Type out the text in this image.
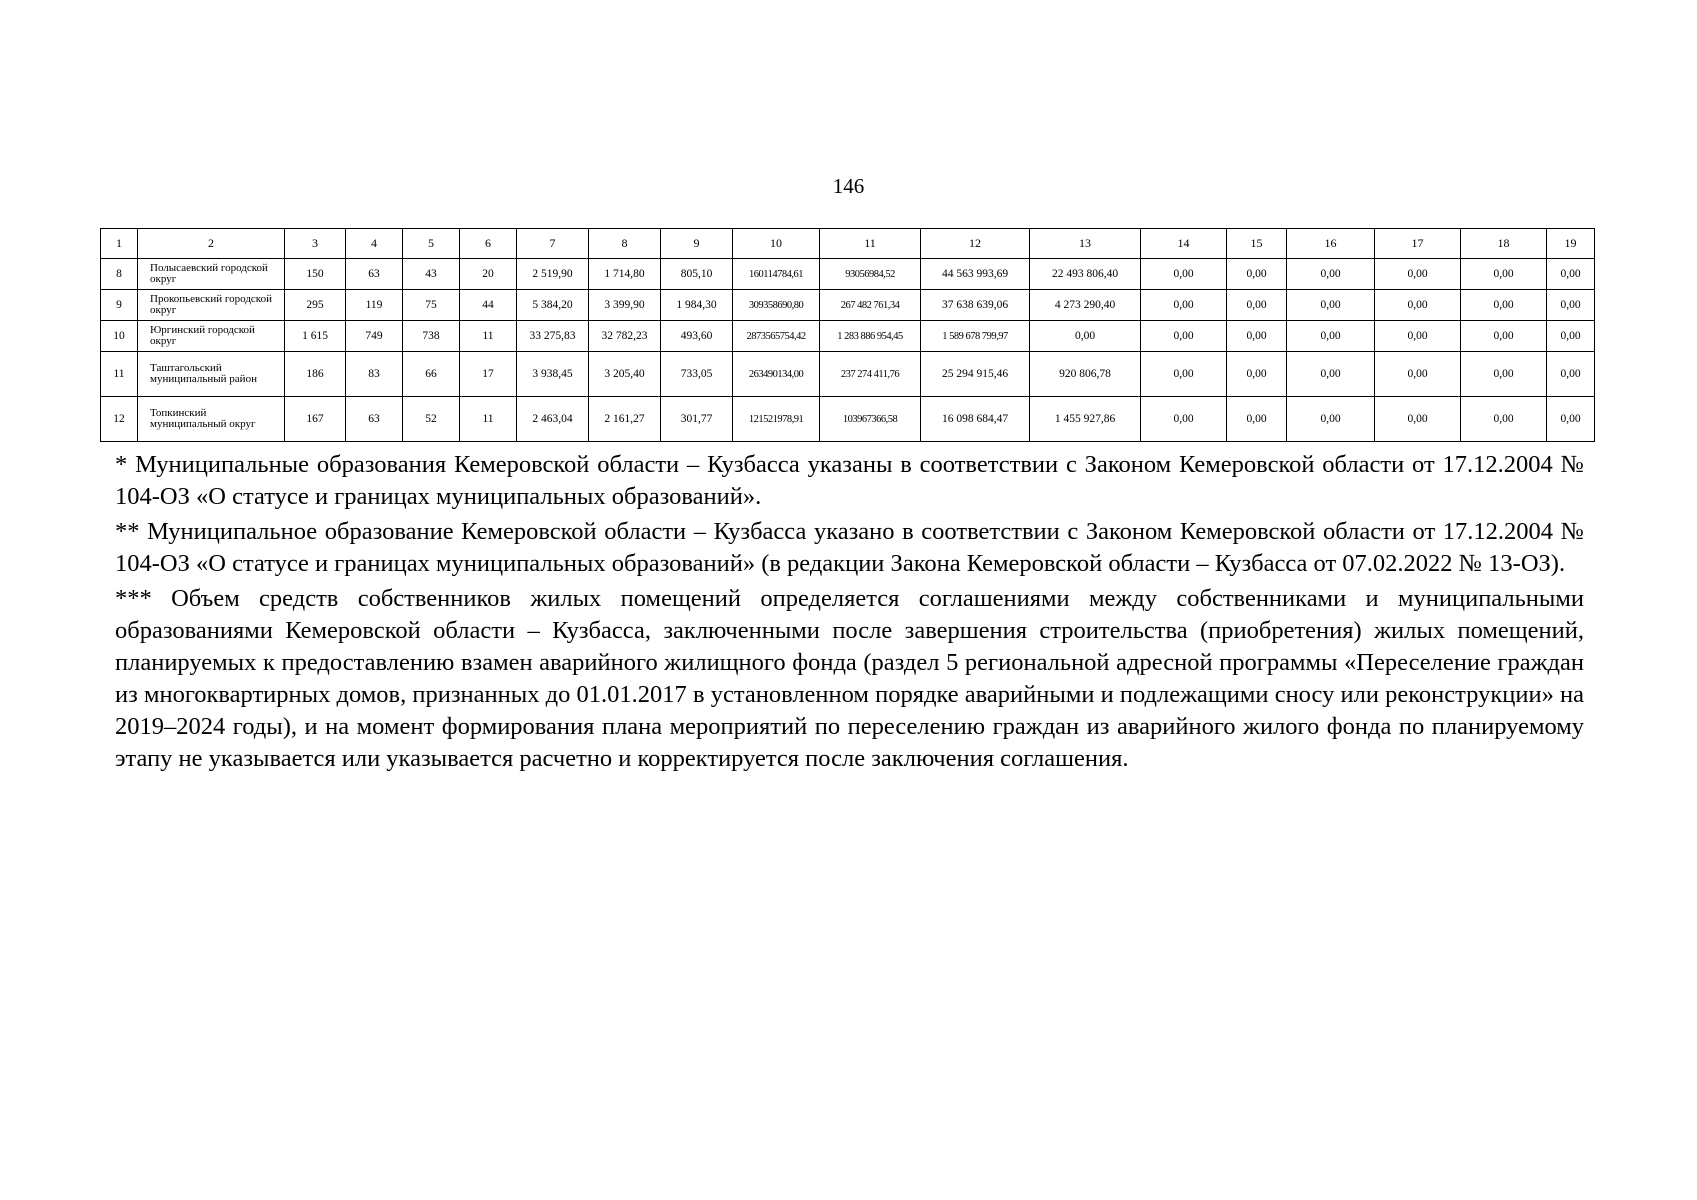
146
1	2	3	4	5	6	7	8	9	10	11	12	13	14	15	16	17	18	19
8	Полысаевский городской округ	150	63	43	20	2 519,90	1 714,80	805,10	160114784,61	93056984,52	44 563 993,69	22 493 806,40	0,00	0,00	0,00	0,00	0,00	0,00
9	Прокопьевский городской округ	295	119	75	44	5 384,20	3 399,90	1 984,30	309358690,80	267 482 761,34	37 638 639,06	4 273 290,40	0,00	0,00	0,00	0,00	0,00	0,00
10	Юргинский городской округ	1 615	749	738	11	33 275,83	32 782,23	493,60	2873565754,42	1 283 886 954,45	1 589 678 799,97	0,00	0,00	0,00	0,00	0,00	0,00	0,00
11	Таштагольский муниципальный район	186	83	66	17	3 938,45	3 205,40	733,05	263490134,00	237 274 411,76	25 294 915,46	920 806,78	0,00	0,00	0,00	0,00	0,00	0,00
12	Топкинский муниципальный округ	167	63	52	11	2 463,04	2 161,27	301,77	121521978,91	103967366,58	16 098 684,47	1 455 927,86	0,00	0,00	0,00	0,00	0,00	0,00

* Муниципальные образования Кемеровской области – Кузбасса указаны в соответствии с Законом Кемеровской области от 17.12.2004 № 104-ОЗ «О статусе и границах муниципальных образований».

** Муниципальное образование Кемеровской области – Кузбасса указано в соответствии с Законом Кемеровской области от 17.12.2004 № 104-ОЗ «О статусе и границах муниципальных образований» (в редакции Закона Кемеровской области – Кузбасса от 07.02.2022 № 13-ОЗ).

*** Объем средств собственников жилых помещений определяется соглашениями между собственниками и муниципальными образованиями Кемеровской области – Кузбасса, заключенными после завершения строительства (приобретения) жилых помещений, планируемых к предоставлению взамен аварийного жилищного фонда (раздел 5 региональной адресной программы «Переселение граждан из многоквартирных домов, признанных до 01.01.2017 в установленном порядке аварийными и подлежащими сносу или реконструкции» на 2019–2024 годы), и на момент формирования плана мероприятий по переселению граждан из аварийного жилого фонда по планируемому этапу не указывается или указывается расчетно и корректируется после заключения соглашения.
